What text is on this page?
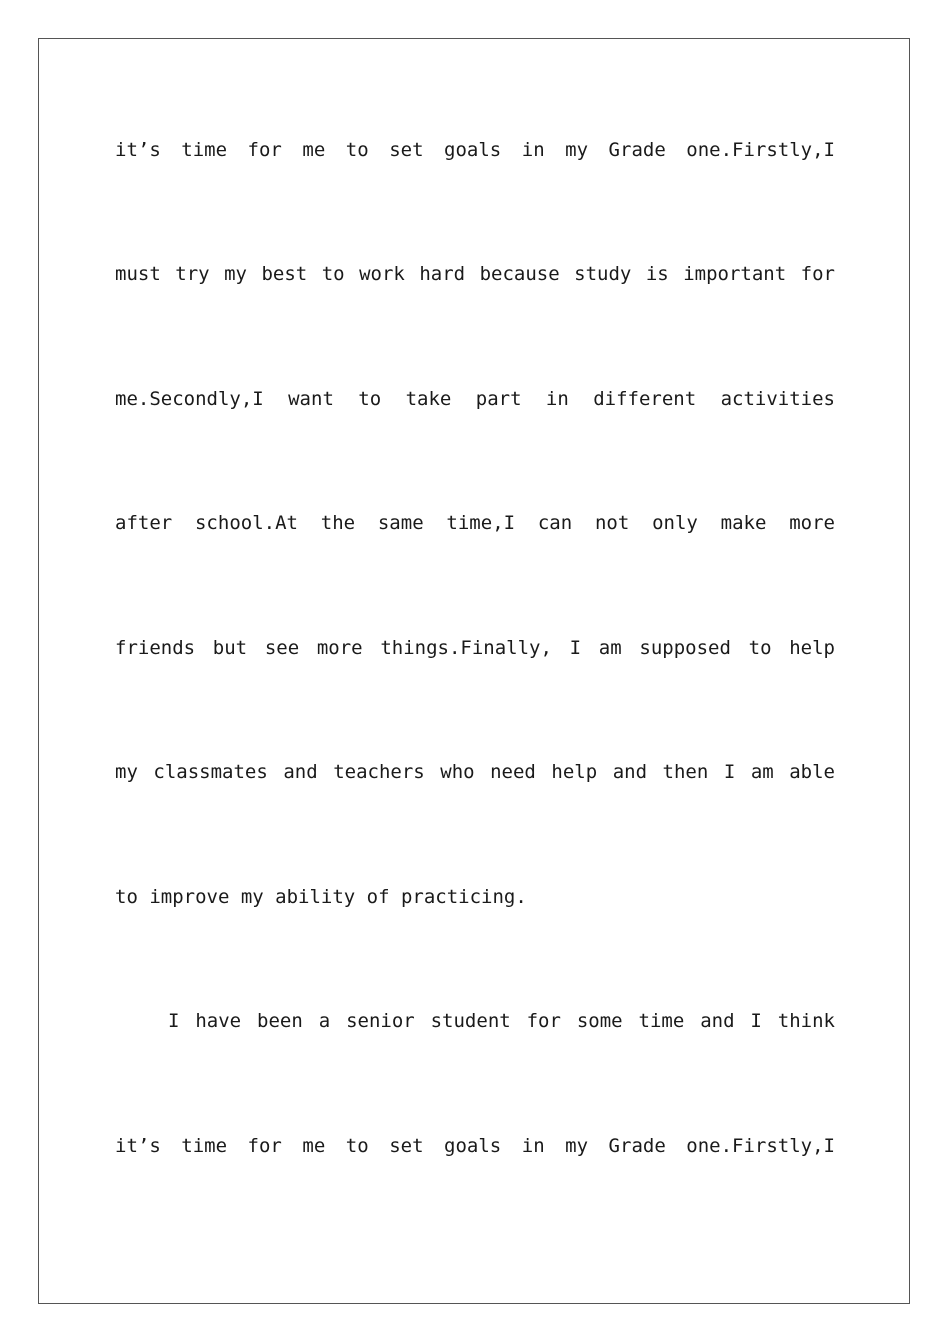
it’s time for me to set goals in my Grade one.Firstly,I
must try my best to work hard because study is important for
me.Secondly,I want to take part in different activities
after school.At the same time,I can not only make more
friends but see more things.Finally, I am supposed to help
my classmates and teachers who need help and then I am able
to improve my ability of practicing.
I have been a senior student for some time and I think
it’s time for me to set goals in my Grade one.Firstly,I
